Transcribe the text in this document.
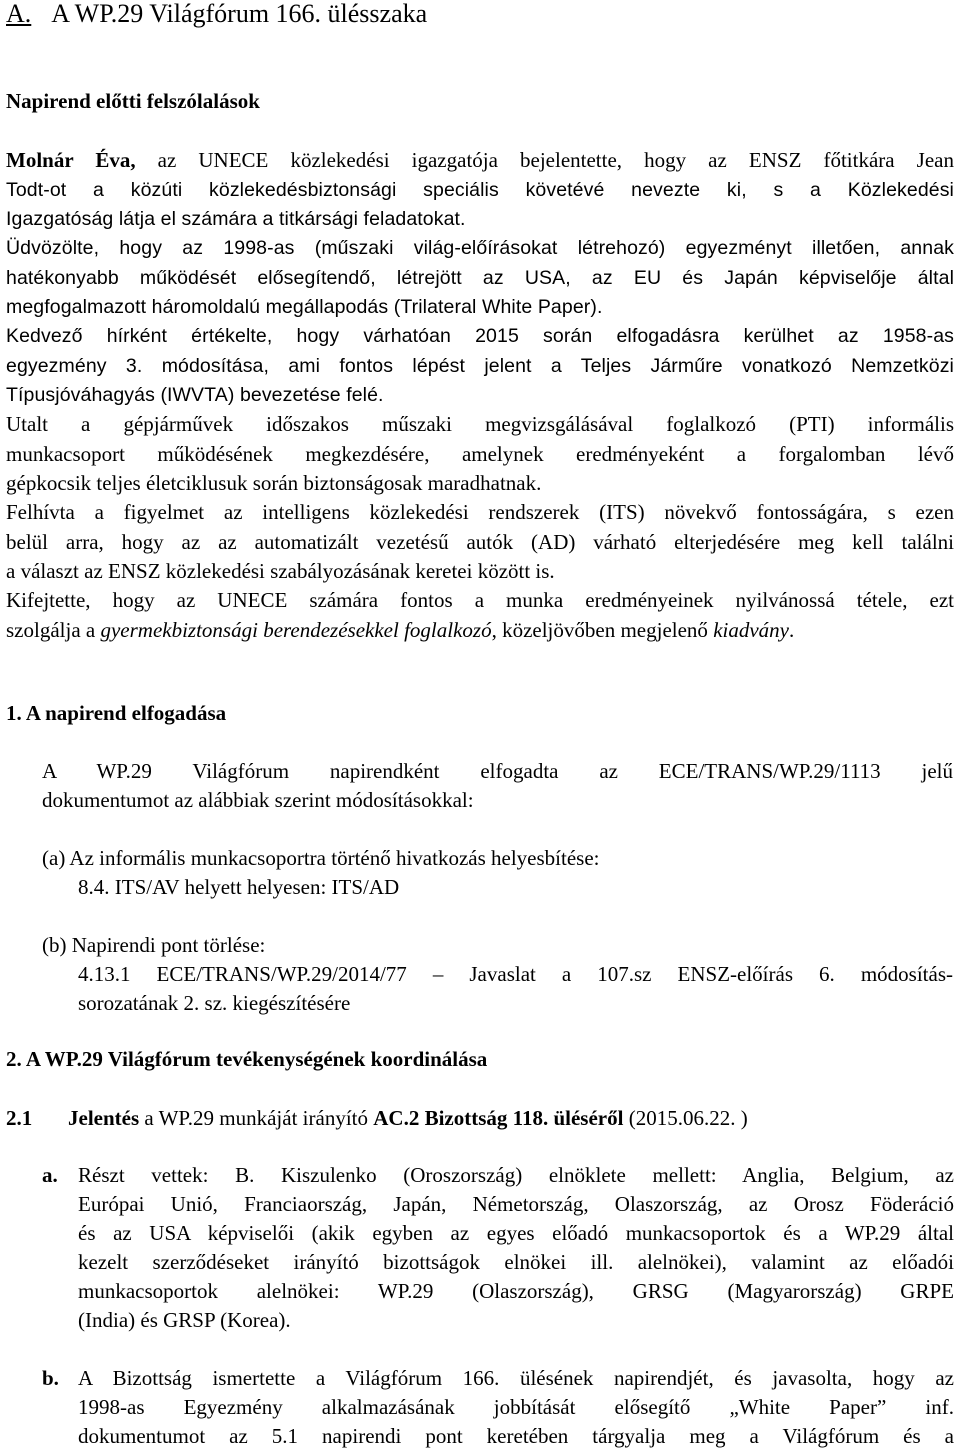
A. A WP.29 Világfórum 166. ülésszaka
Napirend előtti felszólalások
Molnár Éva, az UNECE közlekedési igazgatója bejelentette, hogy az ENSZ főtitkára Jean
Todt-ot a közúti közlekedésbiztonsági speciális követévé nevezte ki, s a Közlekedési
Igazgatóság látja el számára a titkársági feladatokat.
Üdvözölte, hogy az 1998-as (műszaki világ-előírásokat létrehozó) egyezményt illetően, annak
hatékonyabb működését elősegítendő, létrejött az USA, az EU és Japán képviselője által
megfogalmazott háromoldalú megállapodás (Trilateral White Paper).
Kedvező hírként értékelte, hogy várhatóan 2015 során elfogadásra kerülhet az 1958-as
egyezmény 3. módosítása, ami fontos lépést jelent a Teljes Járműre vonatkozó Nemzetközi
Típusjóváhagyás (IWVTA) bevezetése felé.
Utalt a gépjárművek időszakos műszaki megvizsgálásával foglalkozó (PTI) informális
munkacsoport működésének megkezdésére, amelynek eredményeként a forgalomban lévő
gépkocsik teljes életciklusuk során biztonságosak maradhatnak.
Felhívta a figyelmet az intelligens közlekedési rendszerek (ITS) növekvő fontosságára, s ezen
belül arra, hogy az az automatizált vezetésű autók (AD) várható elterjedésére meg kell találni
a választ az ENSZ közlekedési szabályozásának keretei között is.
Kifejtette, hogy az UNECE számára fontos a munka eredményeinek nyilvánossá tétele, ezt
szolgálja a gyermekbiztonsági berendezésekkel foglalkozó, közeljövőben megjelenő kiadvány.
1. A napirend elfogadása
A WP.29 Világfórum napirendként elfogadta az ECE/TRANS/WP.29/1113 jelű
dokumentumot az alábbiak szerint módosításokkal:
(a) Az informális munkacsoportra történő hivatkozás helyesbítése:
8.4. ITS/AV helyett helyesen: ITS/AD
(b) Napirendi pont törlése:
4.13.1 ECE/TRANS/WP.29/2014/77 – Javaslat a 107.sz ENSZ-előírás 6. módosítás-
sorozatának 2. sz. kiegészítésére
2. A WP.29 Világfórum tevékenységének koordinálása
2.1 Jelentés a WP.29 munkáját irányító AC.2 Bizottság 118. üléséről (2015.06.22. )
a. Részt vettek: B. Kiszulenko (Oroszország) elnöklete mellett: Anglia, Belgium, az
Európai Unió, Franciaország, Japán, Németország, Olaszország, az Orosz Föderáció
és az USA képviselői (akik egyben az egyes előadó munkacsoportok és a WP.29 által
kezelt szerződéseket irányító bizottságok elnökei ill. alelnökei), valamint az előadói
munkacsoportok alelnökei: WP.29 (Olaszország), GRSG (Magyarország) GRPE
(India) és GRSP (Korea).
b. A Bizottság ismertette a Világfórum 166. ülésének napirendjét, és javasolta, hogy az
1998-as Egyezmény alkalmazásának jobbítását elősegítő „White Paper” inf.
dokumentumot az 5.1 napirendi pont keretében tárgyalja meg a Világfórum és a
